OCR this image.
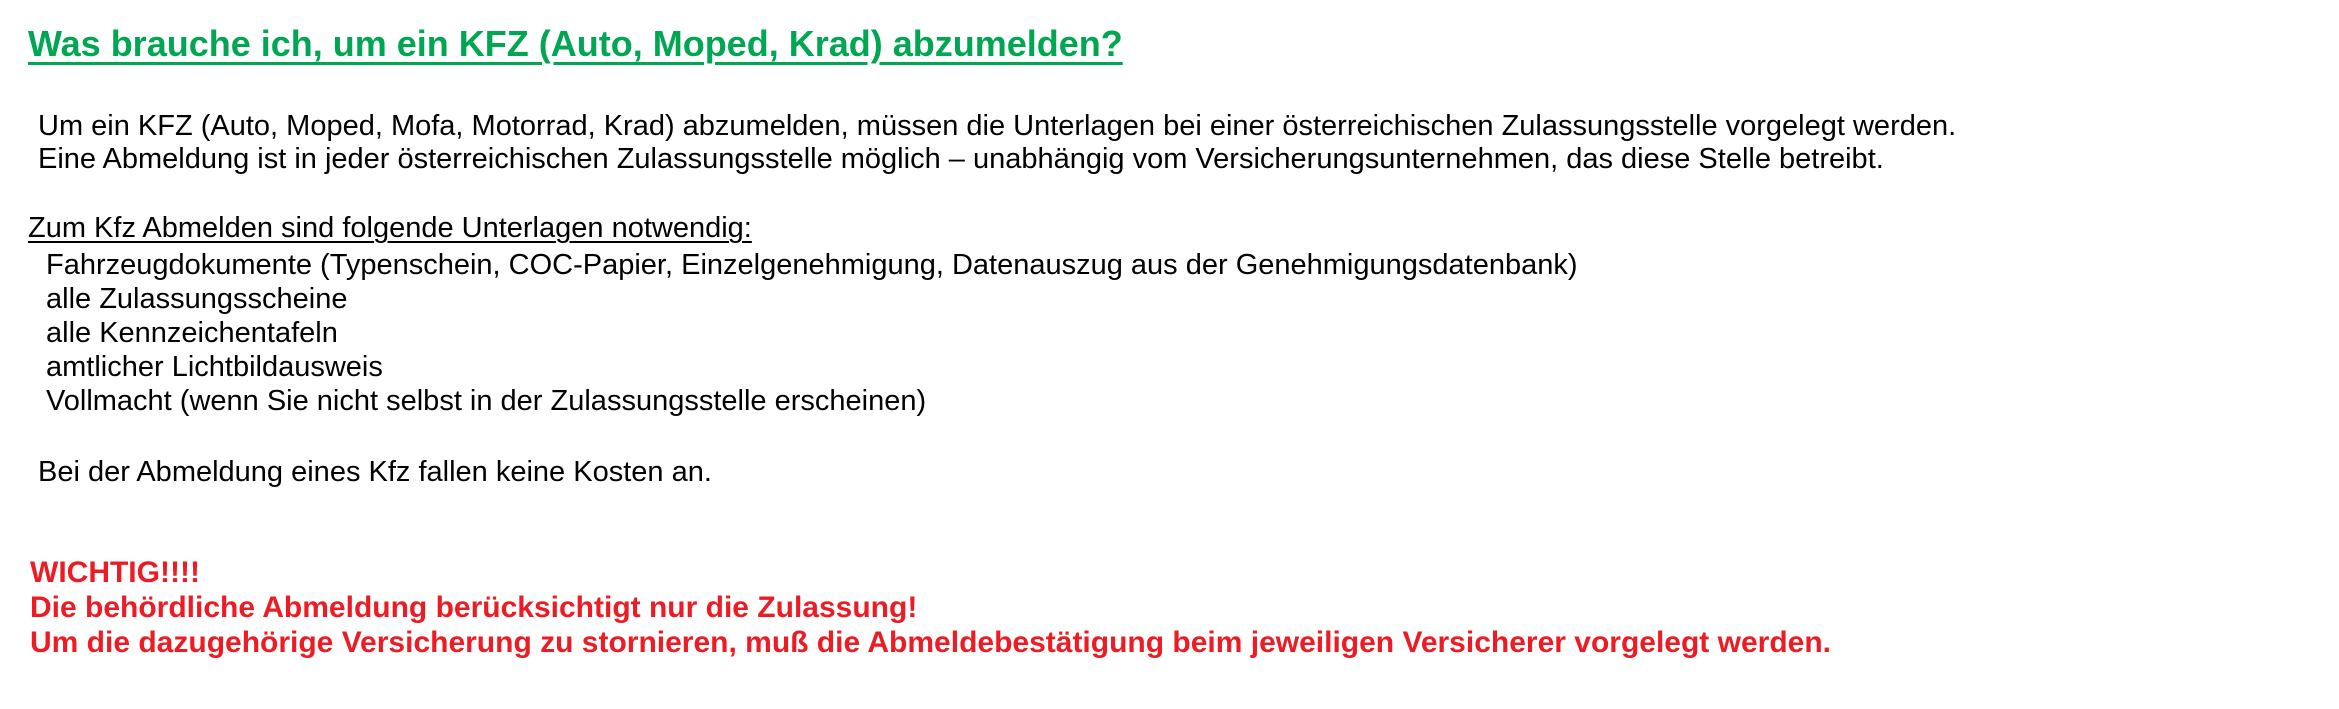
Was brauche ich, um ein KFZ (Auto, Moped, Krad) abzumelden?

Um ein KFZ (Auto, Moped, Mofa, Motorrad, Krad) abzumelden, müssen die Unterlagen bei einer österreichischen Zulassungsstelle vorgelegt werden.

Eine Abmeldung ist in jeder österreichischen Zulassungsstelle möglich – unabhängig vom Versicherungsunternehmen, das diese Stelle betreibt.

Zum Kfz Abmelden sind folgende Unterlagen notwendig:

Fahrzeugdokumente (Typenschein, COC-Papier, Einzelgenehmigung, Datenauszug aus der Genehmigungsdatenbank)
alle Zulassungsscheine
alle Kennzeichentafeln
amtlicher Lichtbildausweis
Vollmacht (wenn Sie nicht selbst in der Zulassungsstelle erscheinen)

Bei der Abmeldung eines Kfz fallen keine Kosten an.

WICHTIG!!!!

Die behördliche Abmeldung berücksichtigt nur die Zulassung!

Um die dazugehörige Versicherung zu stornieren, muß die Abmeldebestätigung beim jeweiligen Versicherer vorgelegt werden.
